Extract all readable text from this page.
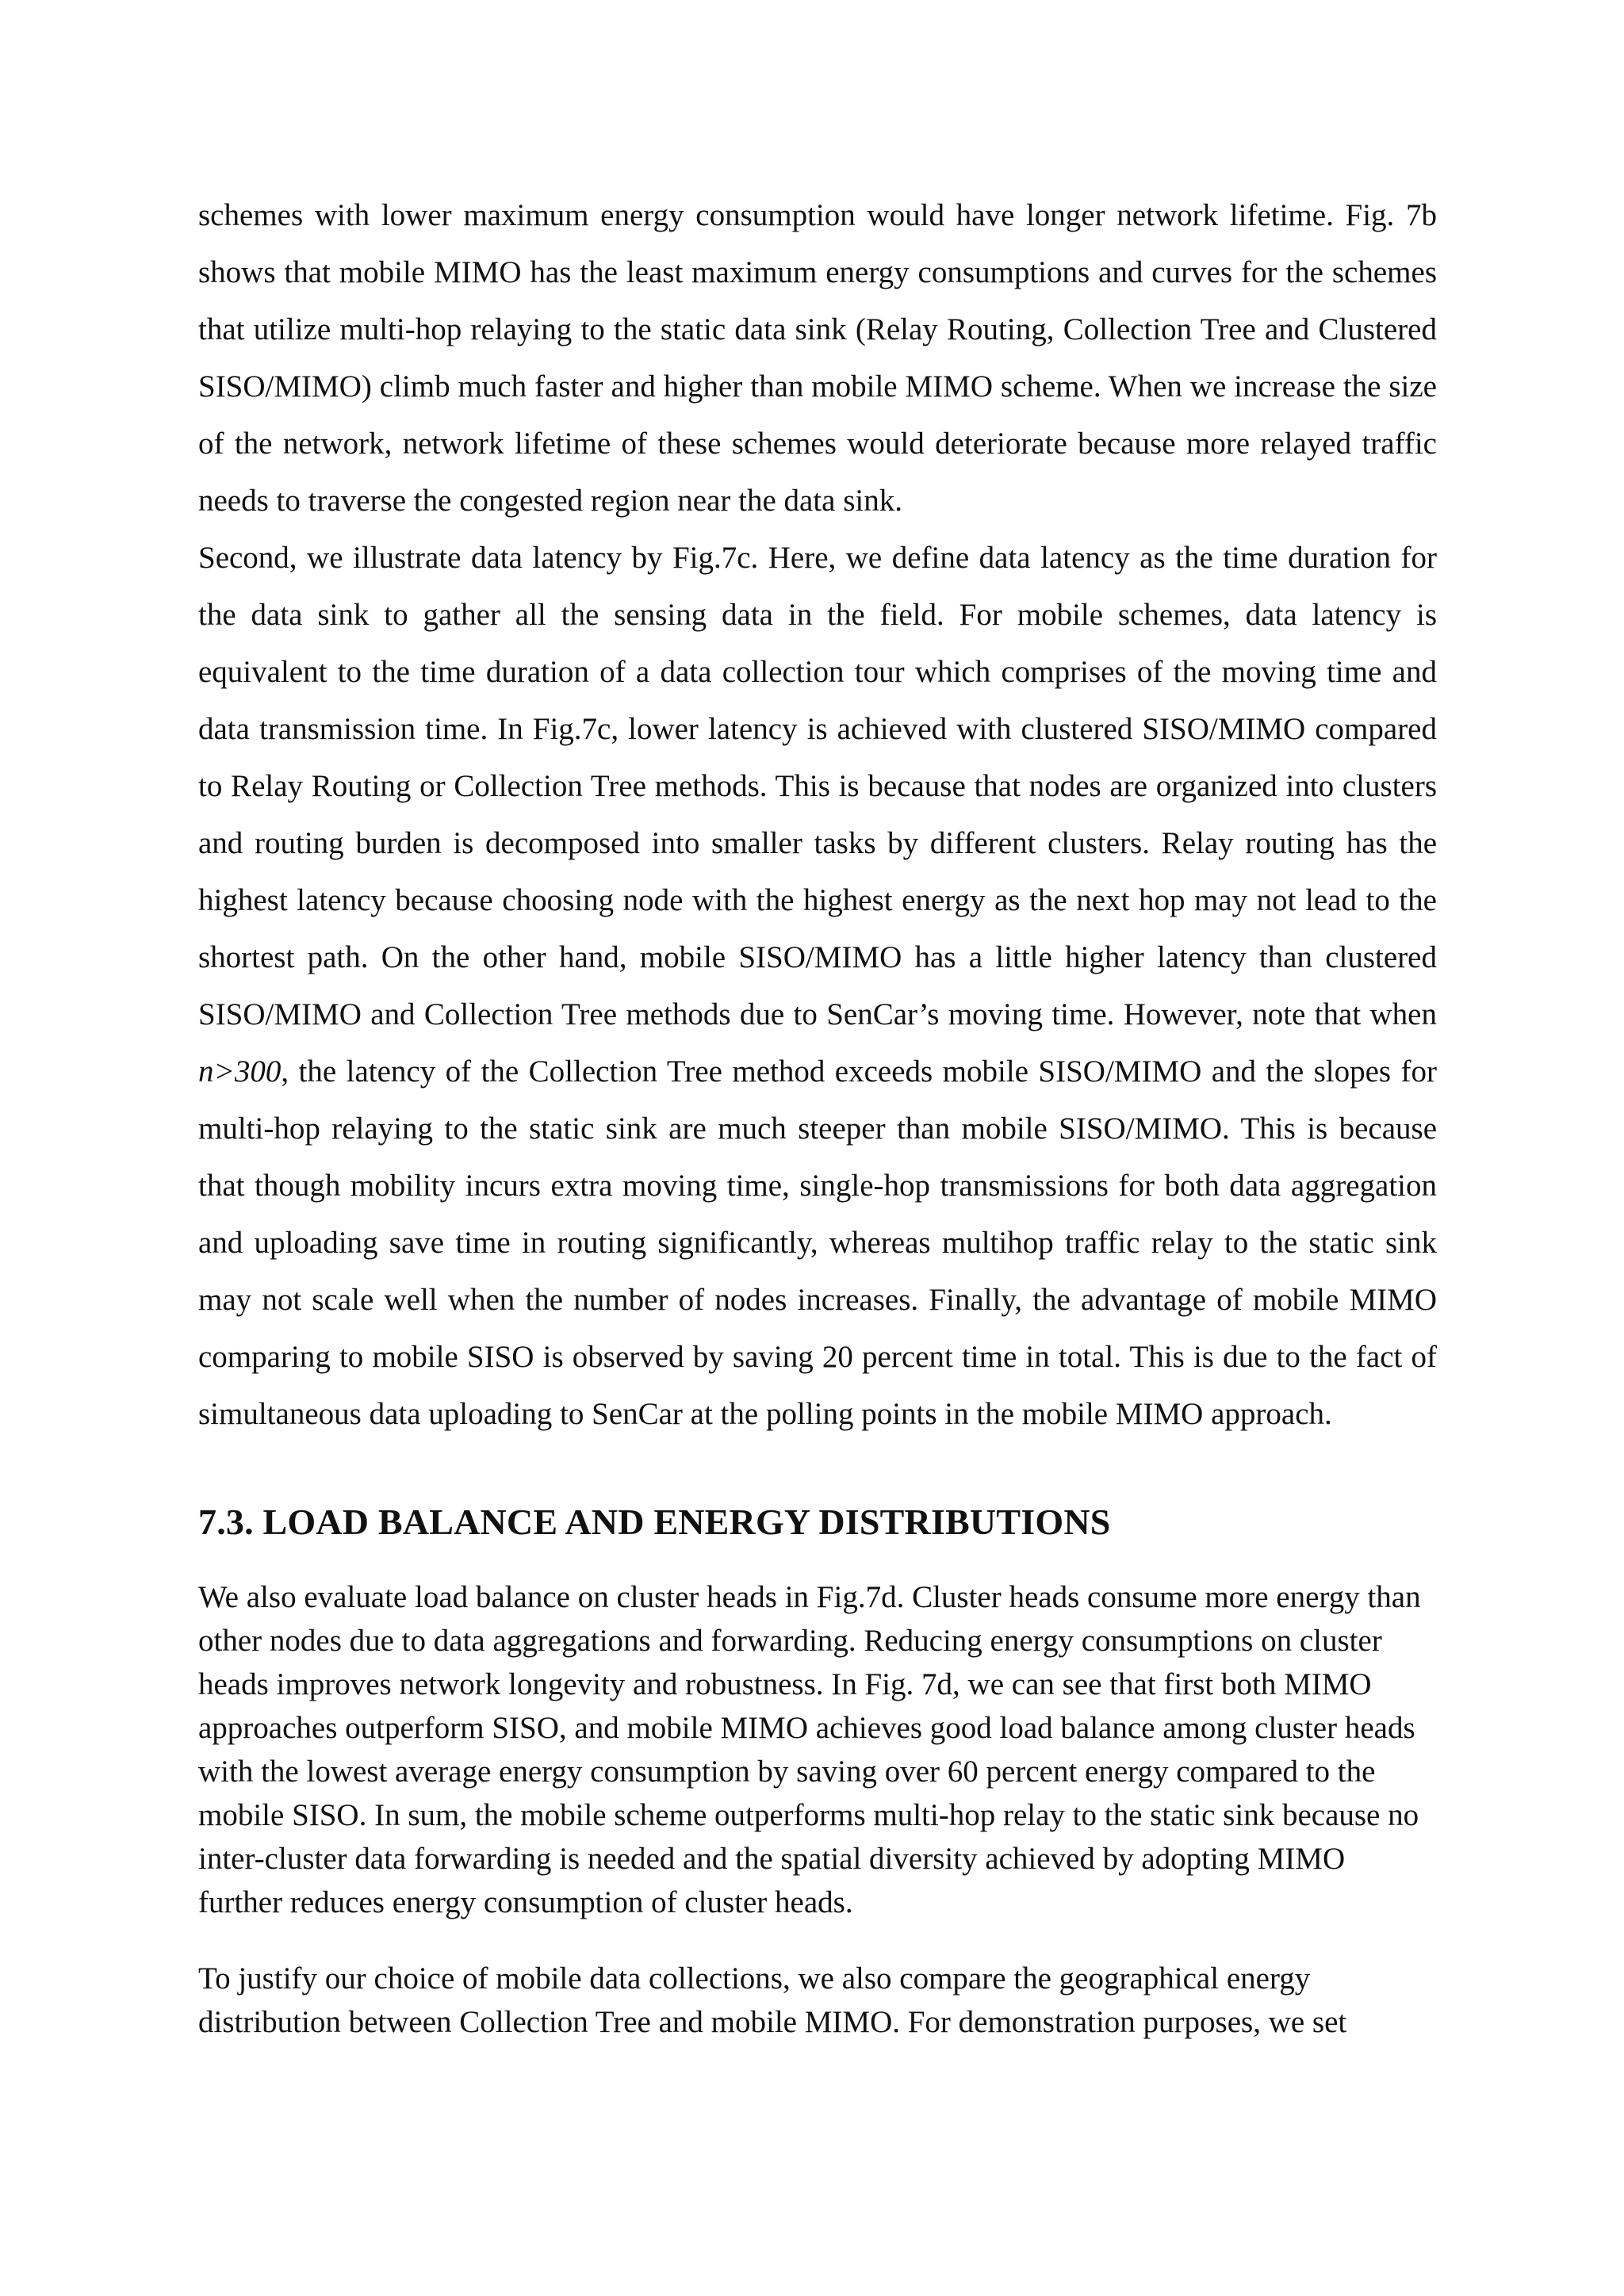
schemes with lower maximum energy consumption would have longer network lifetime. Fig. 7b shows that mobile MIMO has the least maximum energy consumptions and curves for the schemes that utilize multi-hop relaying to the static data sink (Relay Routing, Collection Tree and Clustered SISO/MIMO) climb much faster and higher than mobile MIMO scheme. When we increase the size of the network, network lifetime of these schemes would deteriorate because more relayed traffic needs to traverse the congested region near the data sink.

Second, we illustrate data latency by Fig.7c. Here, we define data latency as the time duration for the data sink to gather all the sensing data in the field. For mobile schemes, data latency is equivalent to the time duration of a data collection tour which comprises of the moving time and data transmission time. In Fig.7c, lower latency is achieved with clustered SISO/MIMO compared to Relay Routing or Collection Tree methods. This is because that nodes are organized into clusters and routing burden is decomposed into smaller tasks by different clusters. Relay routing has the highest latency because choosing node with the highest energy as the next hop may not lead to the shortest path. On the other hand, mobile SISO/MIMO has a little higher latency than clustered SISO/MIMO and Collection Tree methods due to SenCar’s moving time. However, note that when n>300, the latency of the Collection Tree method exceeds mobile SISO/MIMO and the slopes for multi-hop relaying to the static sink are much steeper than mobile SISO/MIMO. This is because that though mobility incurs extra moving time, single-hop transmissions for both data aggregation and uploading save time in routing significantly, whereas multihop traffic relay to the static sink may not scale well when the number of nodes increases. Finally, the advantage of mobile MIMO comparing to mobile SISO is observed by saving 20 percent time in total. This is due to the fact of simultaneous data uploading to SenCar at the polling points in the mobile MIMO approach.

7.3. LOAD BALANCE AND ENERGY DISTRIBUTIONS

We also evaluate load balance on cluster heads in Fig.7d. Cluster heads consume more energy than other nodes due to data aggregations and forwarding. Reducing energy consumptions on cluster heads improves network longevity and robustness. In Fig. 7d, we can see that first both MIMO approaches outperform SISO, and mobile MIMO achieves good load balance among cluster heads with the lowest average energy consumption by saving over 60 percent energy compared to the mobile SISO. In sum, the mobile scheme outperforms multi-hop relay to the static sink because no inter-cluster data forwarding is needed and the spatial diversity achieved by adopting MIMO further reduces energy consumption of cluster heads.

To justify our choice of mobile data collections, we also compare the geographical energy distribution between Collection Tree and mobile MIMO. For demonstration purposes, we set
